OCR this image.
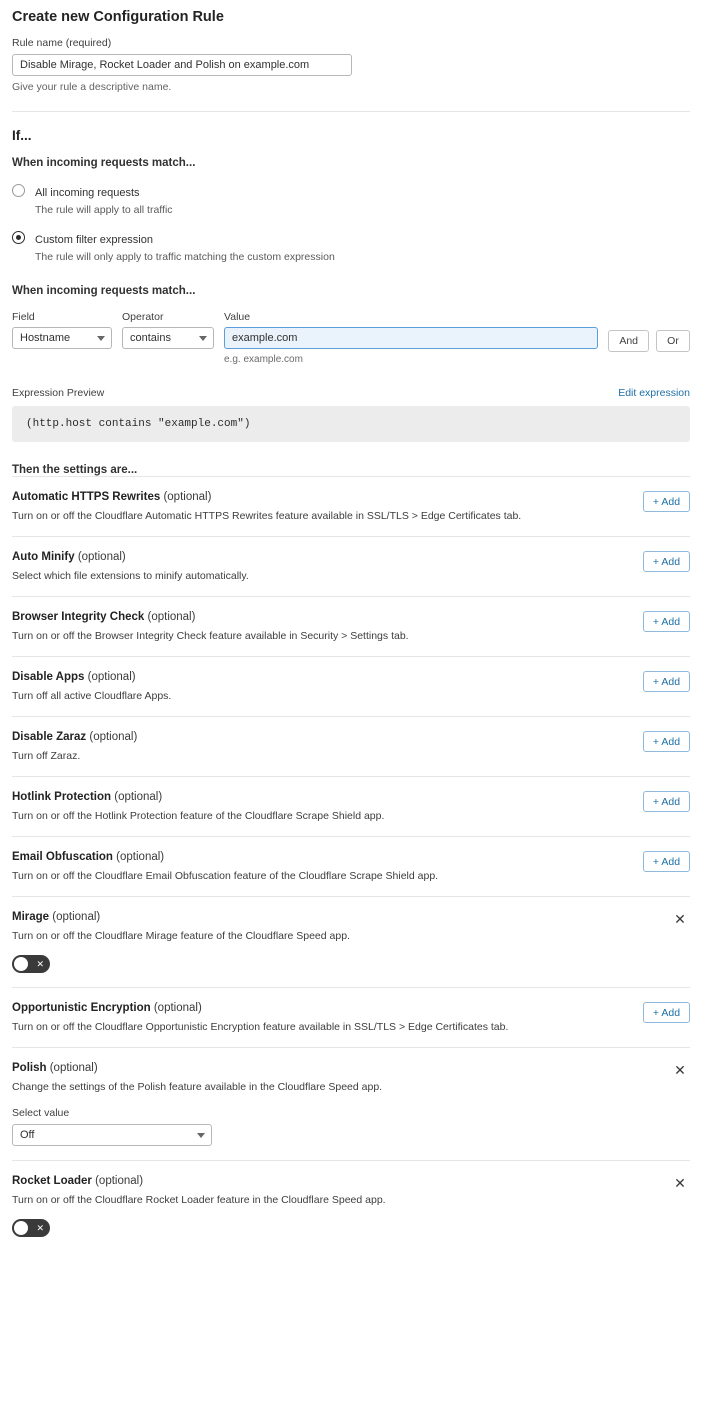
Create new Configuration Rule
Rule name (required)
Disable Mirage, Rocket Loader and Polish on example.com
Give your rule a descriptive name.
If...
When incoming requests match...
All incoming requests
The rule will apply to all traffic
Custom filter expression
The rule will only apply to traffic matching the custom expression
When incoming requests match...
Field
Hostname
Operator
contains
Value
example.com
e.g. example.com
And	Or
Expression Preview	Edit expression
(http.host contains "example.com")
Then the settings are...
Automatic HTTPS Rewrites (optional)
Turn on or off the Cloudflare Automatic HTTPS Rewrites feature available in SSL/TLS > Edge Certificates tab.
+ Add
Auto Minify (optional)
Select which file extensions to minify automatically.
+ Add
Browser Integrity Check (optional)
Turn on or off the Browser Integrity Check feature available in Security > Settings tab.
+ Add
Disable Apps (optional)
Turn off all active Cloudflare Apps.
+ Add
Disable Zaraz (optional)
Turn off Zaraz.
+ Add
Hotlink Protection (optional)
Turn on or off the Hotlink Protection feature of the Cloudflare Scrape Shield app.
+ Add
Email Obfuscation (optional)
Turn on or off the Cloudflare Email Obfuscation feature of the Cloudflare Scrape Shield app.
+ Add
Mirage (optional)
Turn on or off the Cloudflare Mirage feature of the Cloudflare Speed app.
✕
✕
Opportunistic Encryption (optional)
Turn on or off the Cloudflare Opportunistic Encryption feature available in SSL/TLS > Edge Certificates tab.
+ Add
Polish (optional)
Change the settings of the Polish feature available in the Cloudflare Speed app.
✕
Select value
Off
Rocket Loader (optional)
Turn on or off the Cloudflare Rocket Loader feature in the Cloudflare Speed app.
✕
✕
